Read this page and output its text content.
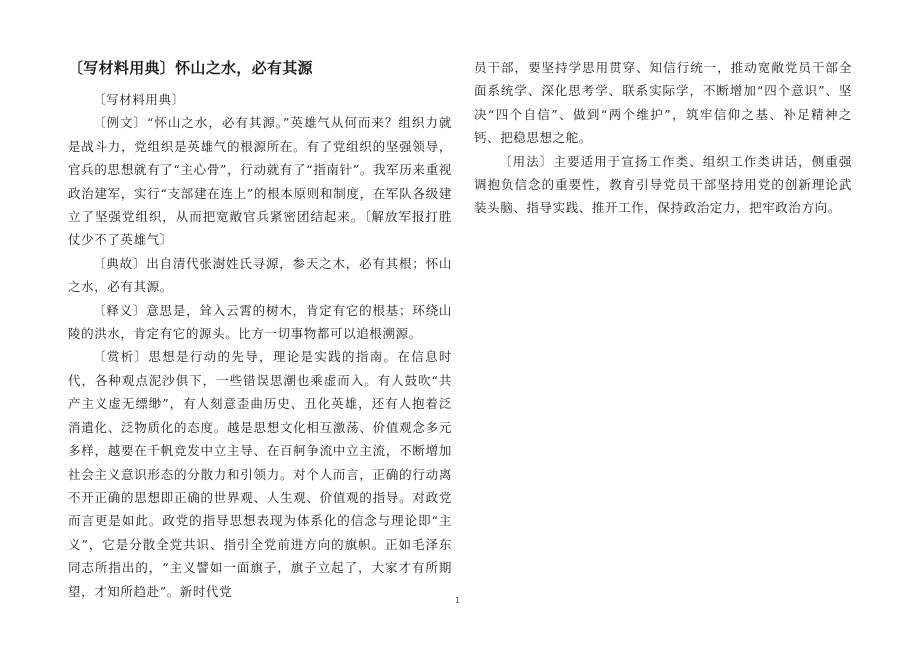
〔写材料用典〕怀山之水，必有其源

〔写材料用典〕

〔例文〕“怀山之水，必有其源。”英雄气从何而来？组织力就是战斗力，党组织是英雄气的根源所在。有了党组织的坚强领导，官兵的思想就有了“主心骨”，行动就有了“指南针”。我军历来重视政治建军，实行“支部建在连上”的根本原则和制度，在军队各级建立了坚强党组织，从而把宽敞官兵紧密团结起来。〔解放军报打胜仗少不了英雄气〕

〔典故〕出自清代张澍姓氏寻源，参天之木，必有其根；怀山之水，必有其源。

〔释义〕意思是，耸入云霄的树木，肯定有它的根基；环绕山陵的洪水，肯定有它的源头。比方一切事物都可以追根溯源。

〔赏析〕思想是行动的先导，理论是实践的指南。在信息时代，各种观点泥沙俱下，一些错误思潮也乘虚而入。有人鼓吹“共产主义虚无缥缈”，有人刻意歪曲历史、丑化英雄，还有人抱着泛消遣化、泛物质化的态度。越是思想文化相互激荡、价值观念多元多样，越要在千帆竞发中立主导、在百舸争流中立主流，不断增加社会主义意识形态的分散力和引领力。对个人而言，正确的行动离不开正确的思想即正确的世界观、人生观、价值观的指导。对政党而言更是如此。政党的指导思想表现为体系化的信念与理论即“主义”，它是分散全党共识、指引全党前进方向的旗帜。正如毛泽东同志所指出的，“主义譬如一面旗子，旗子立起了，大家才有所期望，才知所趋赴”。新时代党

员干部，要坚持学思用贯穿、知信行统一，推动宽敞党员干部全面系统学、深化思考学、联系实际学，不断增加“四个意识”、坚决“四个自信”、做到“两个维护”，筑牢信仰之基、补足精神之钙、把稳思想之舵。

〔用法〕主要适用于宣扬工作类、组织工作类讲话，侧重强调抱负信念的重要性，教育引导党员干部坚持用党的创新理论武装头脑、指导实践、推开工作，保持政治定力，把牢政治方向。

1
